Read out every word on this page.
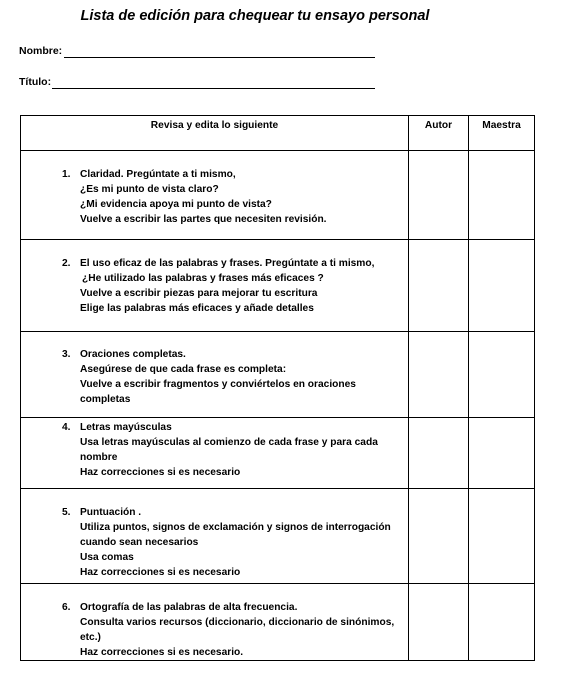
Lista de edición para chequear tu ensayo personal
Nombre:
Título:
Revisa y edita lo siguiente	Autor	Maestra

1. Claridad. Pregúntate a ti mismo,
¿Es mi punto de vista claro?
¿Mi evidencia apoya mi punto de vista?
Vuelve a escribir las partes que necesiten revisión.		

2. El uso eficaz de las palabras y frases. Pregúntate a ti mismo,
¿He utilizado las palabras y frases más eficaces ?
Vuelve a escribir piezas para mejorar tu escritura
Elige las palabras más eficaces y añade detalles		

3. Oraciones completas.
Asegúrese de que cada frase es completa:
Vuelve a escribir fragmentos y conviértelos en oraciones completas		

4. Letras mayúsculas
Usa letras mayúsculas al comienzo de cada frase y para cada nombre
Haz correcciones si es necesario		

5. Puntuación .
Utiliza puntos, signos de exclamación y signos de interrogación cuando sean necesarios
Usa comas
Haz correcciones si es necesario		

6. Ortografía de las palabras de alta frecuencia.
Consulta varios recursos (diccionario, diccionario de sinónimos, etc.)
Haz correcciones si es necesario.		
